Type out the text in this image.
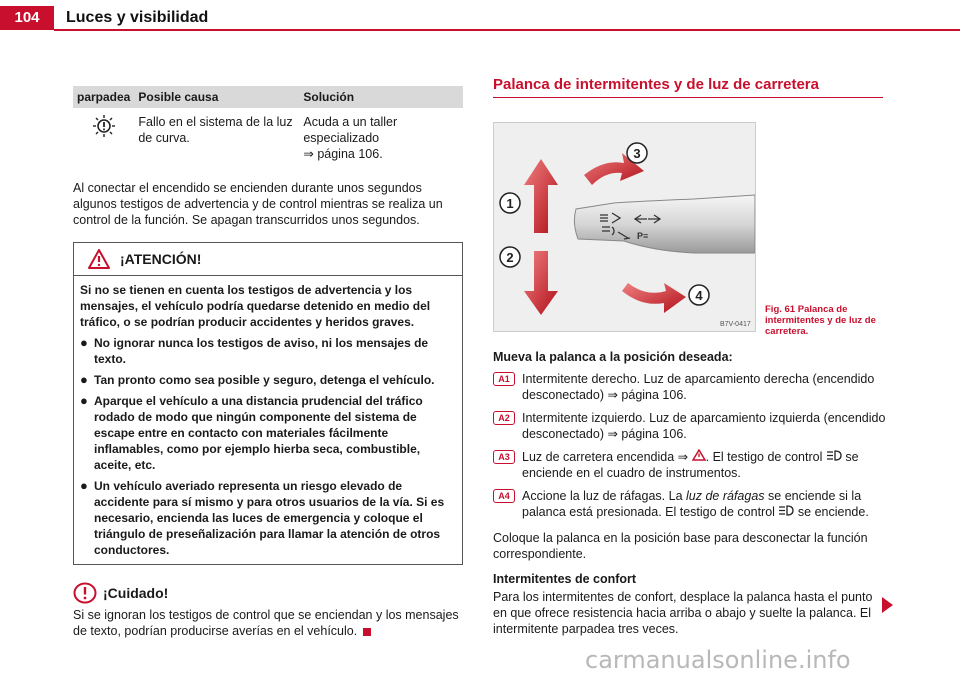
104	Luces y visibilidad
parpadea	Posible causa	Solución

	Fallo en el sistema de la luz de curva.	Acuda a un taller especializado
⇒ página 106.

Al conectar el encendido se encienden durante unos segundos algunos testigos de advertencia y de control mientras se realiza un control de la función. Se apagan transcurridos unos segundos.

¡ATENCIÓN!
Si no se tienen en cuenta los testigos de advertencia y los mensajes, el vehículo podría quedarse detenido en medio del tráfico, o se podrían producir accidentes y heridos graves.
● No ignorar nunca los testigos de aviso, ni los mensajes de texto.
● Tan pronto como sea posible y seguro, detenga el vehículo.
● Aparque el vehículo a una distancia prudencial del tráfico rodado de modo que ningún componente del sistema de escape entre en contacto con materiales fácilmente inflamables, como por ejemplo hierba seca, combustible, aceite, etc.
● Un vehículo averiado representa un riesgo elevado de accidente para sí mismo y para otros usuarios de la vía. Si es necesario, encienda las luces de emergencia y coloque el triángulo de preseñalización para llamar la atención de otros conductores.
¡Cuidado!

Si se ignoran los testigos de control que se enciendan y los mensajes de texto, podrían producirse averías en el vehículo.

Palanca de intermitentes y de luz de carretera
P≡
1
2
3
4
B7V-0417
Fig. 61 Palanca de intermitentes y de luz de carretera.
Mueva la palanca a la posición deseada:
A1 Intermitente derecho. Luz de aparcamiento derecha (encendido desconectado) ⇒ página 106.
A2 Intermitente izquierdo. Luz de aparcamiento izquierda (encendido desconectado) ⇒ página 106.
A3 Luz de carretera encendida ⇒ . El testigo de control se enciende en el cuadro de instrumentos.
A4 Accione la luz de ráfagas. La luz de ráfagas se enciende si la palanca está presionada. El testigo de control se enciende.

Coloque la palanca en la posición base para desconectar la función correspondiente.

Intermitentes de confort

Para los intermitentes de confort, desplace la palanca hasta el punto en que ofrece resistencia hacia arriba o abajo y suelte la palanca. El intermitente parpadea tres veces.

carmanualsonline.info
